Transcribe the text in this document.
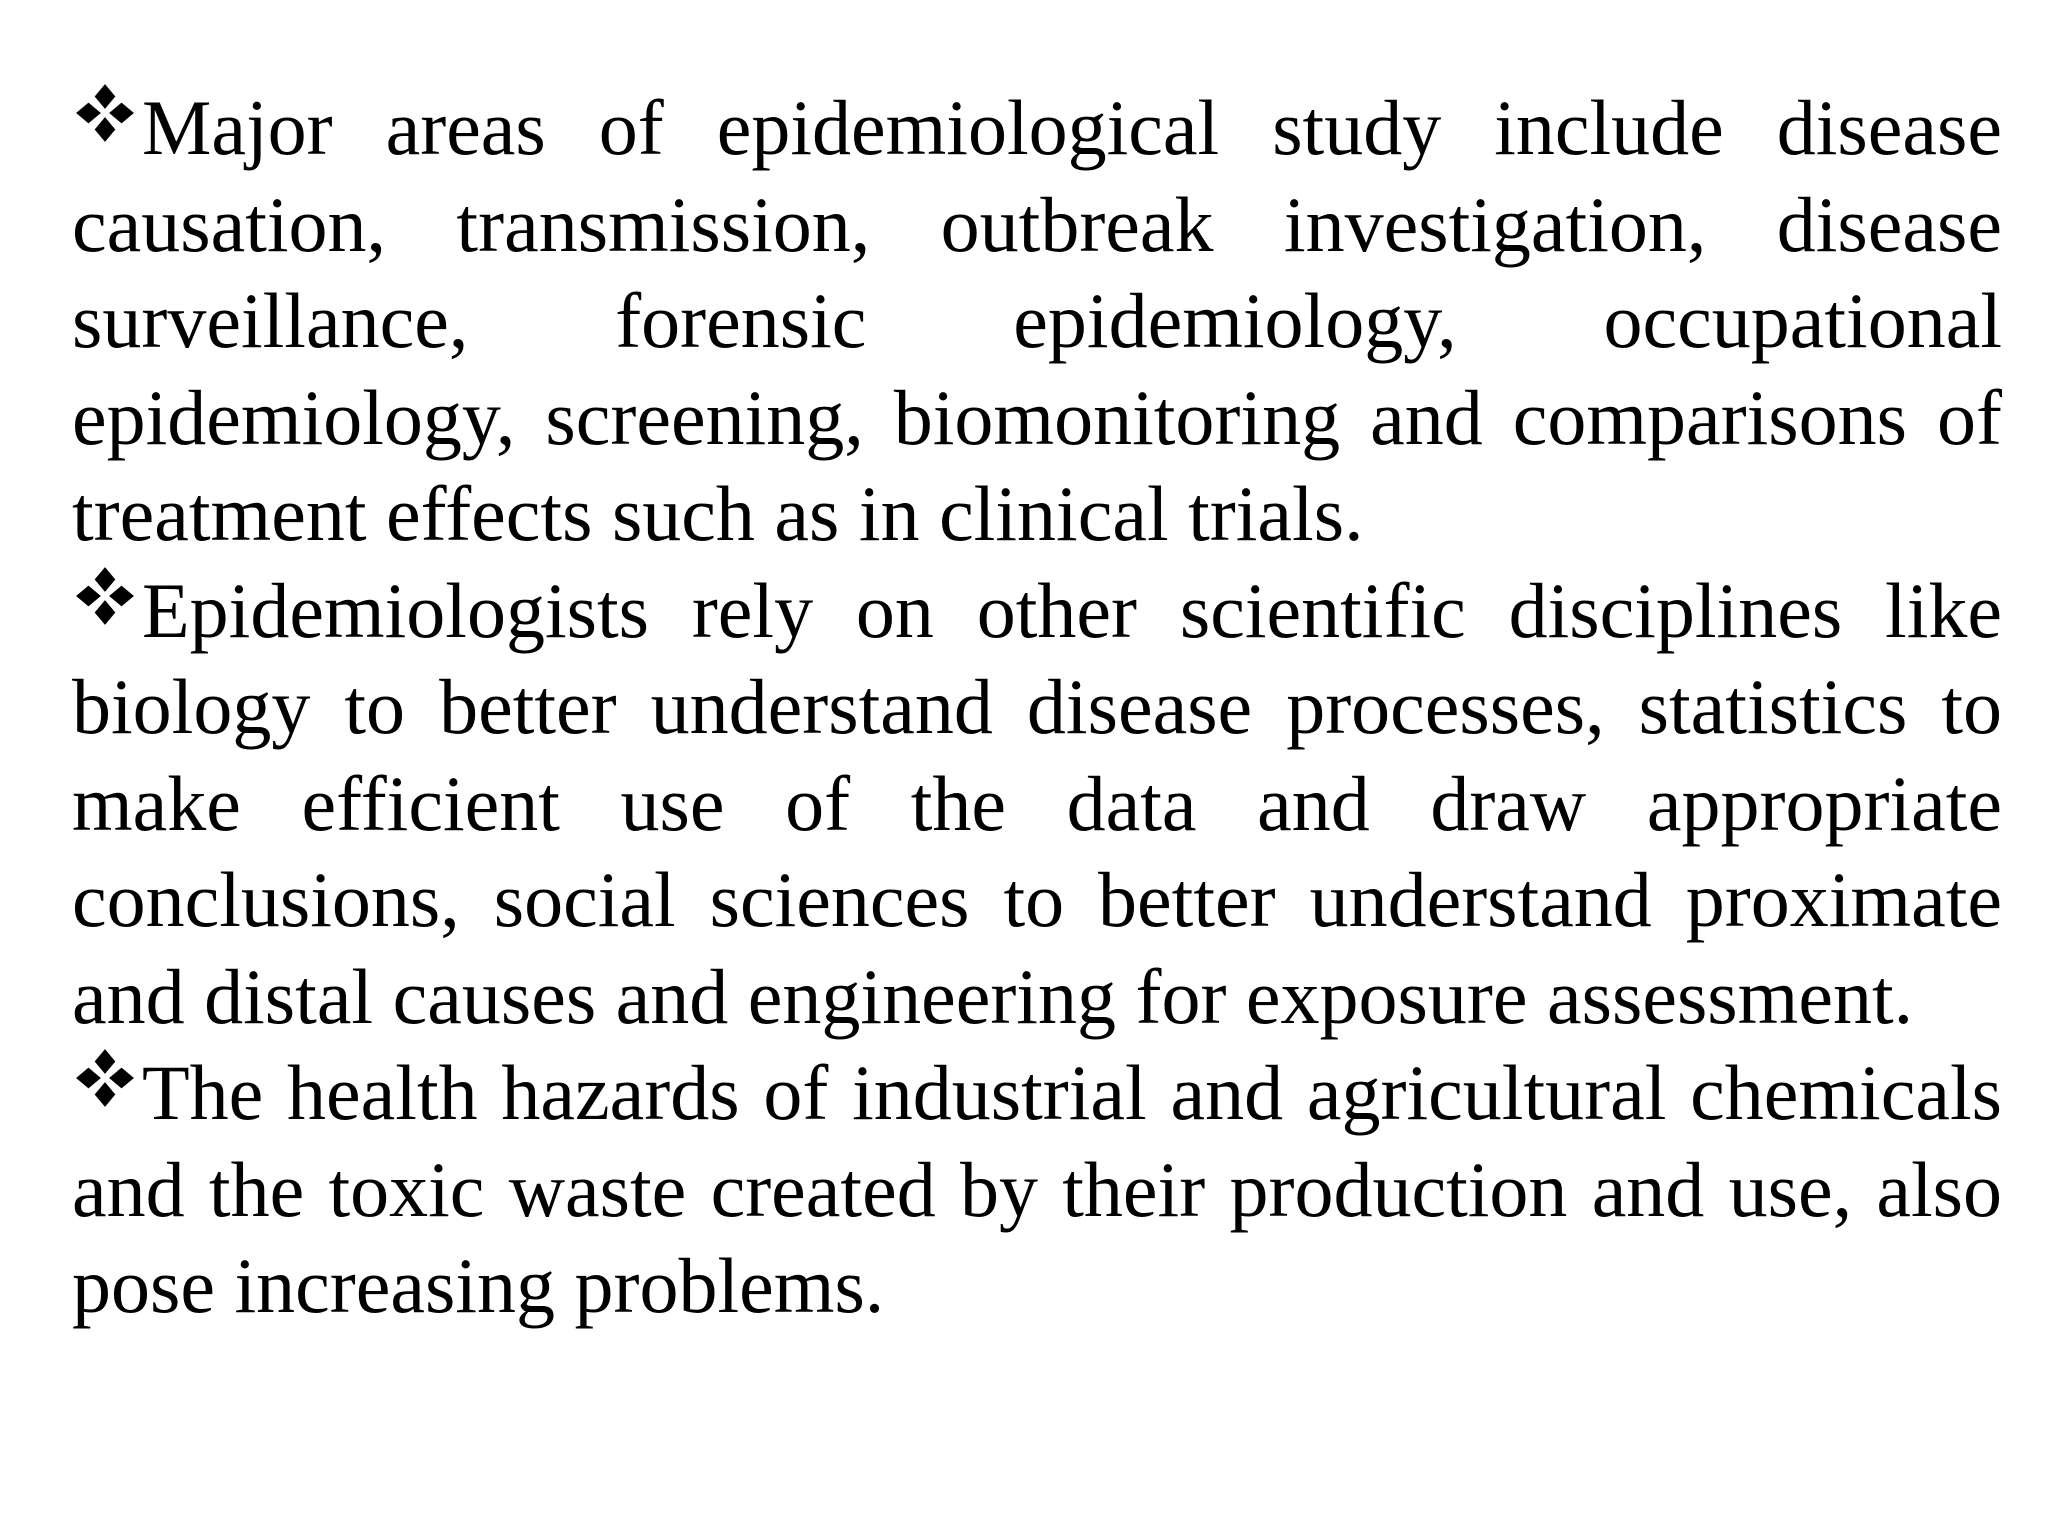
Major areas of epidemiological study include disease causation, transmission, outbreak investigation, disease surveillance, forensic epidemiology, occupational epidemiology, screening, biomonitoring and comparisons of treatment effects such as in clinical trials.

Epidemiologists rely on other scientific disciplines like biology to better understand disease processes, statistics to make efficient use of the data and draw appropriate conclusions, social sciences to better understand proximate and distal causes and engineering for exposure assessment.

The health hazards of industrial and agricultural chemicals and the toxic waste created by their production and use, also pose increasing problems.
